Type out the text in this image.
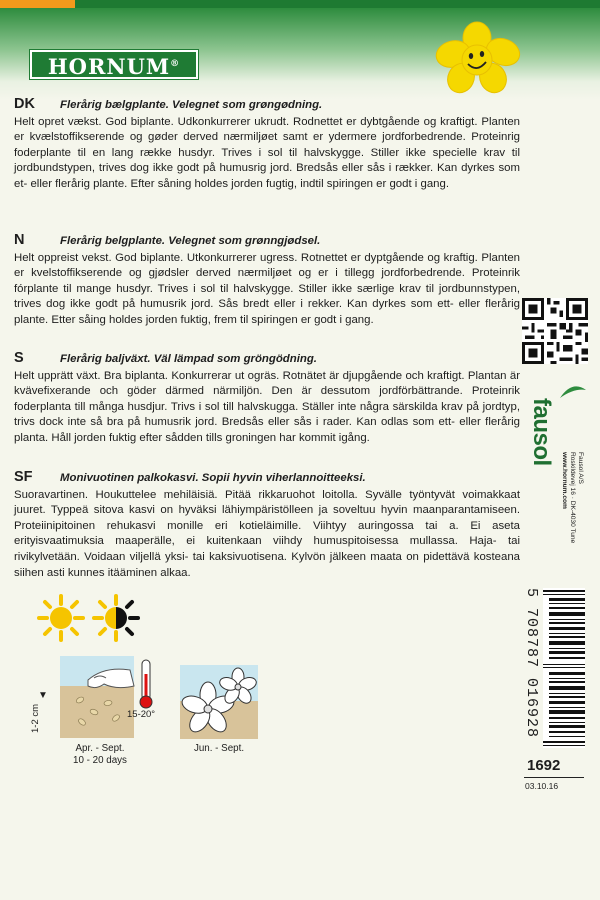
HORNUM®
DK	Flerårig bælgplante. Velegnet som grøngødning.
Helt opret vækst. God biplante. Udkonkurrerer ukrudt. Rodnettet er dybtgående og kraftigt. Planten er kvælstoffikserende og gøder derved nærmiljøet samt er ydermere jordforbedrende. Proteinrig foderplante til en lang række husdyr. Trives i sol til halvskygge. Stiller ikke specielle krav til jordbundstypen, trives dog ikke godt på humusrig jord. Bredsås eller sås i rækker. Kan dyrkes som et- eller flerårig plante. Efter såning holdes jorden fugtig, indtil spiringen er godt i gang.
N	Flerårig belgplante. Velegnet som grønngjødsel.
Helt oppreist vekst. God biplante. Utkonkurrerer ugress. Rotnettet er dyptgående og kraftig. Planten er kvelstoffikserende og gjødsler derved nærmiljøet og er i tillegg jordforbedrende. Proteinrik fórplante til mange husdyr. Trives i sol til halvskygge. Stiller ikke særlige krav til jordbunnstypen, trives dog ikke godt på humusrik jord. Sås bredt eller i rekker. Kan dyrkes som ett- eller flerårig plante. Etter såing holdes jorden fuktig, frem til spiringen er godt i gang.
S	Flerårig baljväxt. Väl lämpad som gröngödning.
Helt upprätt växt. Bra biplanta. Konkurrerar ut ogräs. Rotnätet är djupgående och kraftigt. Plantan är kvävefixerande och göder därmed närmiljön. Den är dessutom jordförbättrande. Proteinrik foderplanta till många husdjur. Trivs i sol till halvskugga. Ställer inte några särskilda krav på jordtyp, trivs dock inte så bra på humusrik jord. Bredsås eller sås i rader. Kan odlas som ett- eller flerårig planta. Håll jorden fuktig efter sådden tills groningen har kommit igång.
SF	Monivuotinen palkokasvi. Sopii hyvin viherlannoitteeksi.
Suoravartinen. Houkuttelee mehiläisiä. Pitää rikkaruohot loitolla. Syvälle työntyvät voimakkaat juuret. Typpeä sitova kasvi on hyväksi lähiympäristölleen ja soveltuu hyvin maanparantamiseen. Proteiinipitoinen rehukasvi monille eri kotieläimille. Viihtyy auringossa tai a. Ei aseta erityisvaatimuksia maaperälle, ei kuitenkaan viihdy humuspitoisessa mullassa. Haja- tai rivikylvetään. Voidaan viljellä yksi- tai kaksivuotisena. Kylvön jälkeen maata on pidettävä kosteana siihen asti kunnes itääminen alkaa.
fausol
Fausol A/S
Roskildevej 16 · DK-4030 Tune
www.hornum.com
5 708787 016928
1692
03.10.16
▼
1-2 cm	15-20°
Apr. - Sept.
10 - 20 days
Jun. - Sept.
